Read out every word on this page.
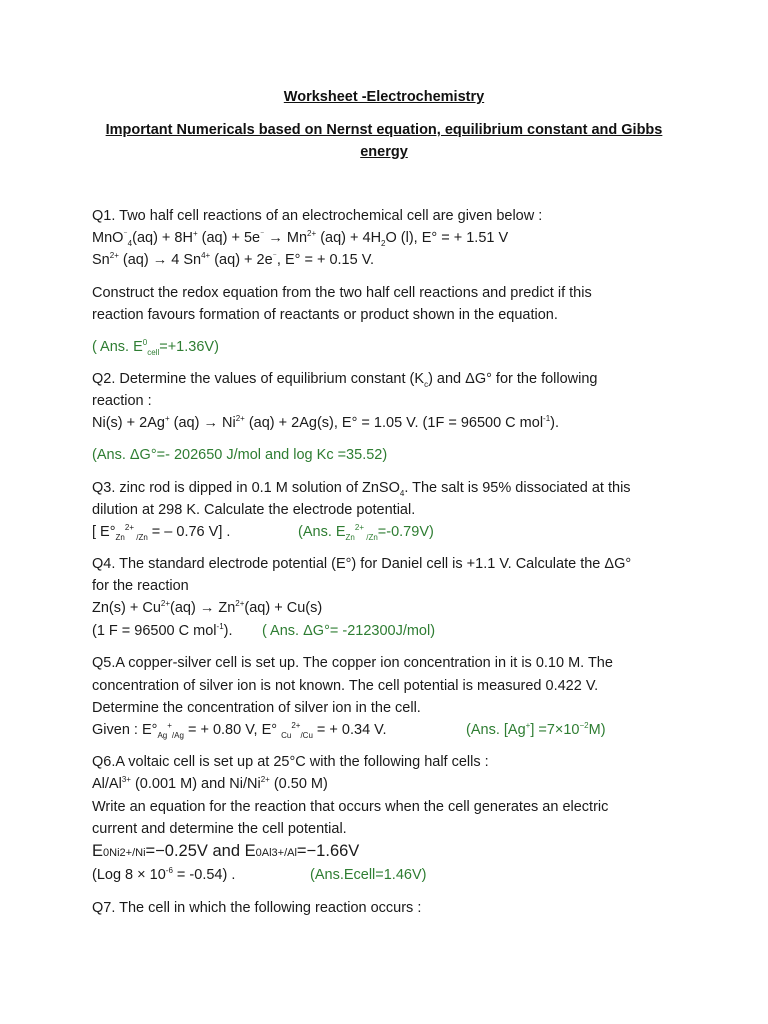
Worksheet -Electrochemistry
Important Numericals based on Nernst equation, equilibrium constant and Gibbs
energy
Q1. Two half cell reactions of an electrochemical cell are given below :
MnO⁻$_4$(aq) + 8H+ $(aq) + 5e^{^-} \to Mn^{2+}$ $(aq) + 4H_2O$ (l), E° = + 1.51 V
$Sn^{2+}$ (aq) → 4 $Sn^{4+}$ (aq) + 2e⁻, E° = + 0.15 V.
Construct the redox equation from the two half cell reactions and predict if this
reaction favours formation of reactants or product shown in the equation.
( Ans. $E^0_{cell}=+1.36V$)
Q2. Determine the values of equilibrium constant $(K_c)$ and ΔG° for the following
reaction :
Ni(s) + 2Ag+ $(aq) \to Ni^{2+}$ (aq) + 2Ag(s), E° = 1.05 V. (1F = 96500 C mol$^{-1}$).
(Ans. ΔG°=- 202650 J/mol and log Kc =35.52)
Q3. zinc rod is dipped in 0.1 M solution of ZnSO$_4$. The salt is 95% dissociated at this
dilution at 298 K. Calculate the electrode potential.
[ $E^\circ_{Zn}^{2+}$ $_{/Zn}$ = – 0.76 V] .	(Ans. $E_{Zn}^{2+}$ $_{/Zn}$=-0.79V)
Q4. The standard electrode potential (E°) for Daniel cell is +1.1 V. Calculate the ΔG°
for the reaction
$Zn(s) + Cu^{2+}(aq) \to Zn^{2+}(aq) + Cu(s)$
(1 F = 96500 C mol$^{-1}$). ( Ans. ΔG°= -212300J/mol)
Q5.A copper-silver cell is set up. The copper ion concentration in it is 0.10 M. The
concentration of silver ion is not known. The cell potential is measured 0.422 V.
Determine the concentration of silver ion in the cell.
Given : $E^\circ_{Ag}^+_{/Ag}$ = + 0.80 V, E° $_{Cu}^{2+}_{/Cu}$ = + 0.34 V.	(Ans. $[Ag^+] =7\times 10^{-2}M$)
Q6.A voltaic cell is set up at 25°C with the following half cells :
$Al/Al^{3+}$ (0.001 M) and $Ni/Ni^{2+}$ (0.50 M)
Write an equation for the reaction that occurs when the cell generates an electric
current and determine the cell potential.
E0Ni2+/Ni=−0.25V and E0Al3+/Al=−1.66V
(Log $8 \times 10^{-6} = -0.54$) .	(Ans.Ecell=1.46V)
Q7. The cell in which the following reaction occurs :
